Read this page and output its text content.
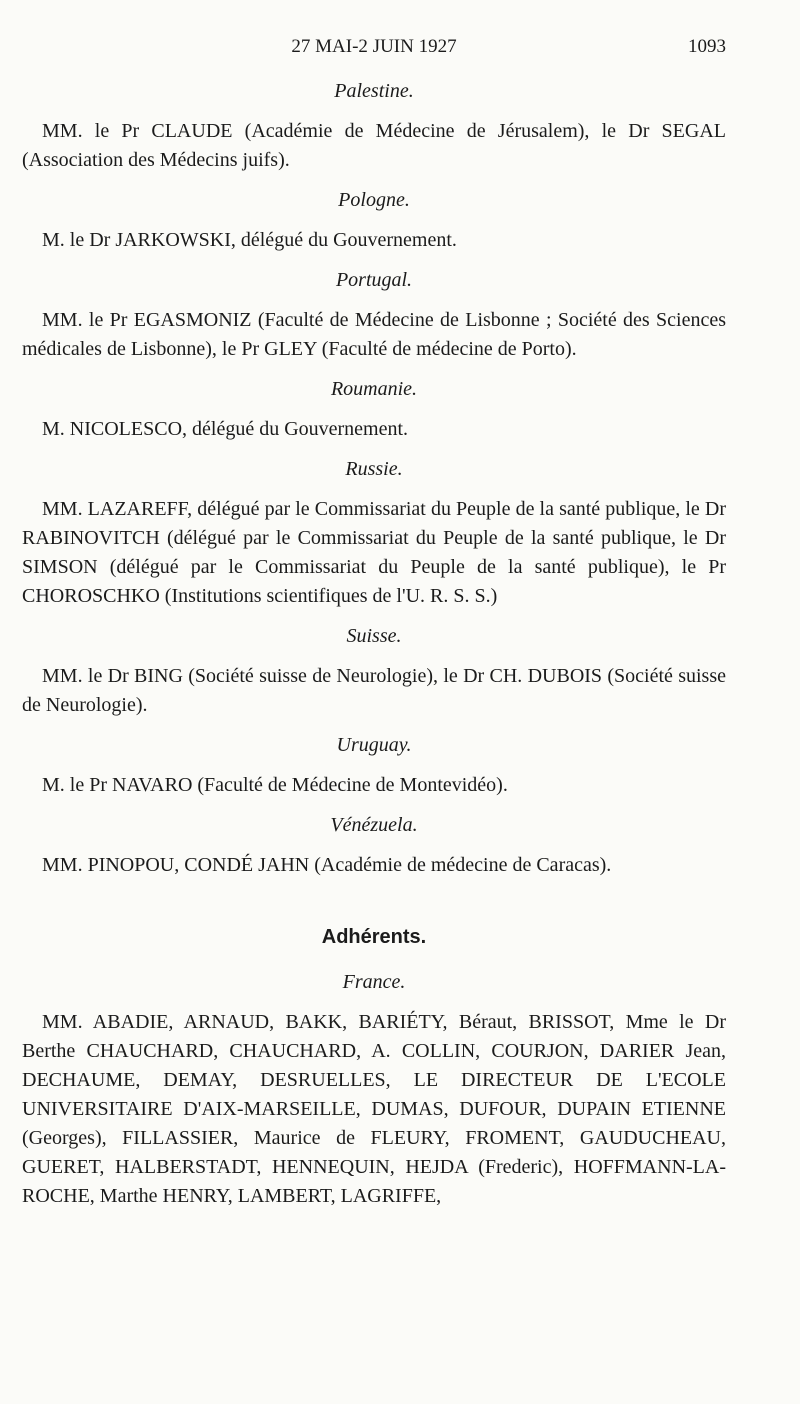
27 MAI-2 JUIN 1927	1093
Palestine.

MM. le Pr CLAUDE (Académie de Médecine de Jérusalem), le Dr SEGAL (Association des Médecins juifs).

Pologne.

M. le Dr JARKOWSKI, délégué du Gouvernement.

Portugal.

MM. le Pr EGASMONIZ (Faculté de Médecine de Lisbonne ; Société des Sciences médicales de Lisbonne), le Pr GLEY (Faculté de médecine de Porto).

Roumanie.

M. NICOLESCO, délégué du Gouvernement.

Russie.

MM. LAZAREFF, délégué par le Commissariat du Peuple de la santé publique, le Dr RABINOVITCH (délégué par le Commissariat du Peuple de la santé publique, le Dr SIMSON (délégué par le Commissariat du Peuple de la santé publique), le Pr CHOROSCHKO (Institutions scientifiques de l'U. R. S. S.)

Suisse.

MM. le Dr BING (Société suisse de Neurologie), le Dr CH. DUBOIS (Société suisse de Neurologie).

Uruguay.

M. le Pr NAVARO (Faculté de Médecine de Montevidéo).

Vénézuela.

MM. PINOPOU, CONDÉ JAHN (Académie de médecine de Caracas).

Adhérents.
France.

MM. ABADIE, ARNAUD, BAKK, BARIÉTY, Béraut, BRISSOT, Mme le Dr Berthe CHAUCHARD, CHAUCHARD, A. COLLIN, COURJON, DARIER Jean, DECHAUME, DEMAY, DESRUELLES, LE DIRECTEUR DE L'ECOLE UNIVERSITAIRE D'AIX-MARSEILLE, DUMAS, DUFOUR, DUPAIN ETIENNE (Georges), FILLASSIER, Maurice de FLEURY, FROMENT, GAUDUCHEAU, GUERET, HALBERSTADT, HENNEQUIN, HEJDA (Frederic), HOFFMANN-LA-ROCHE, Marthe HENRY, LAMBERT, LAGRIFFE,
